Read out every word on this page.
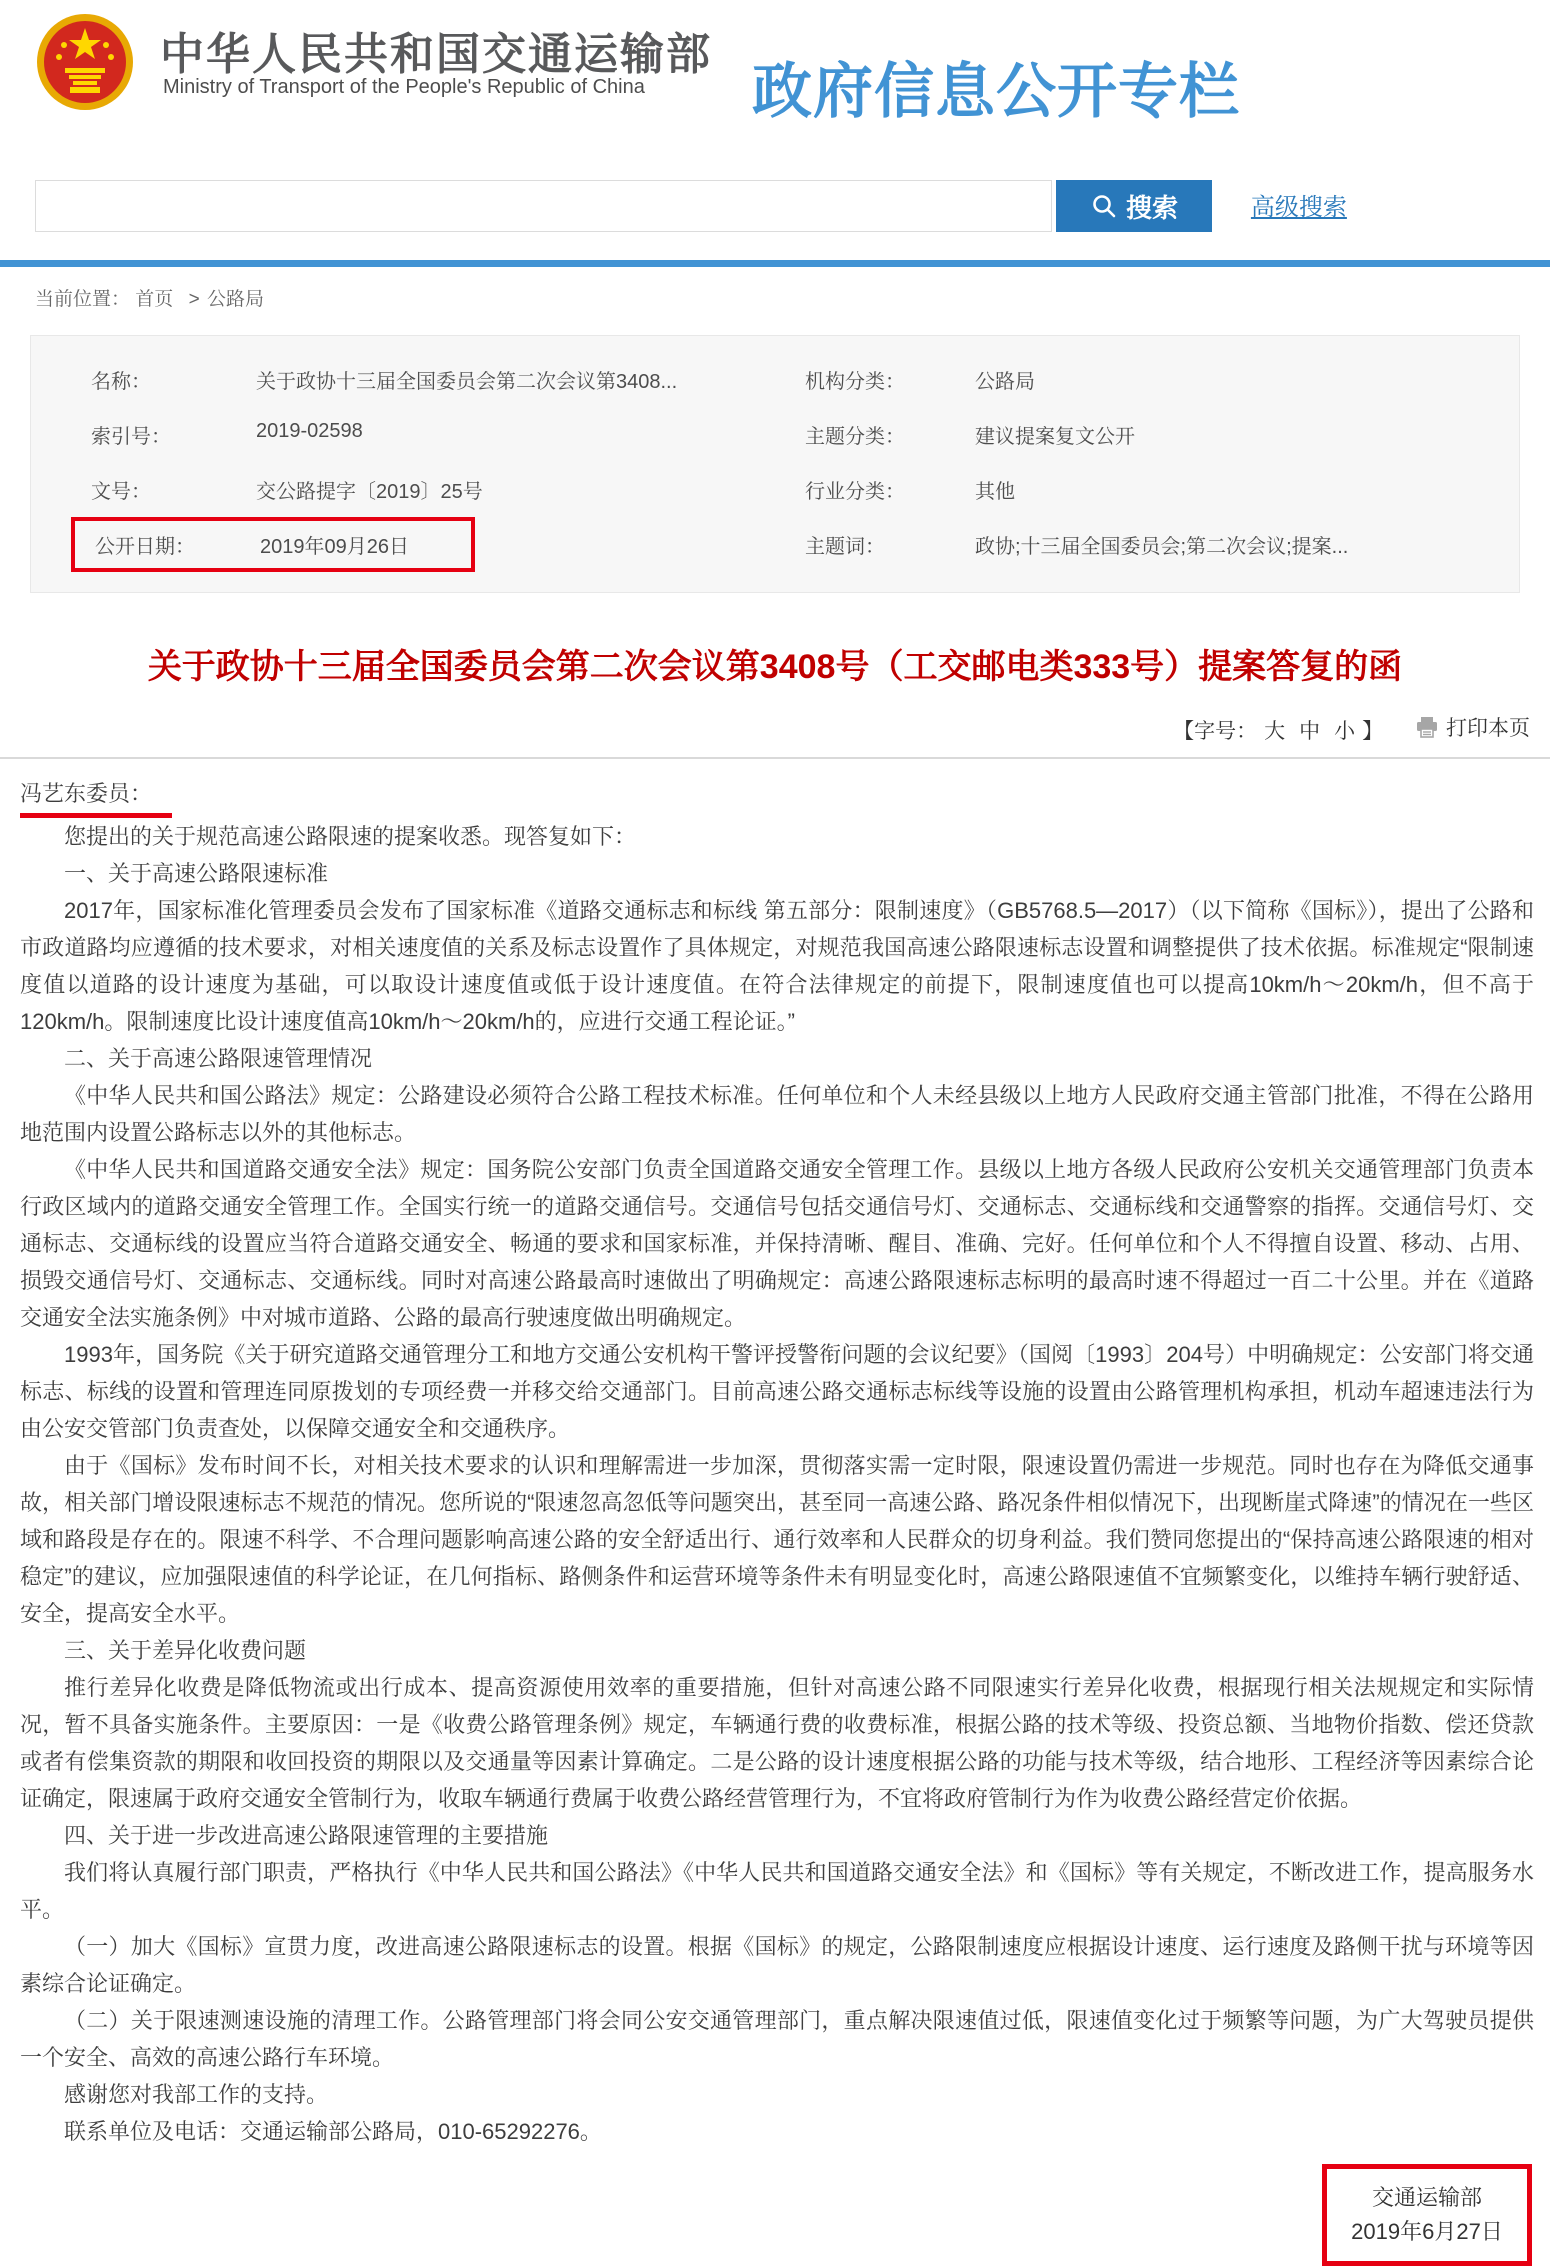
中华人民共和国交通运输部
Ministry of Transport of the People's Republic of China 政府信息公开专栏

搜索	高级搜索
当前位置： 首页 > 公路局
名称：	关于政协十三届全国委员会第二次会议第3408...
索引号：	2019-02598
文号：	交公路提字〔2019〕25号
公开日期：	2019年09月26日
机构分类：	公路局
主题分类：	建议提案复文公开
行业分类：	其他
主题词：	政协;十三届全国委员会;第二次会议;提案...
关于政协十三届全国委员会第二次会议第3408号（工交邮电类333号）提案答复的函
【字号： 大 中 小 】	打印本页
冯艺东委员：

您提出的关于规范高速公路限速的提案收悉。现答复如下：

一、关于高速公路限速标准

2017年，国家标准化管理委员会发布了国家标准《道路交通标志和标线 第五部分：限制速度》（GB5768.5—2017）（以下简称《国标》），提出了公路和市政道路均应遵循的技术要求，对相关速度值的关系及标志设置作了具体规定，对规范我国高速公路限速标志设置和调整提供了技术依据。标准规定“限制速度值以道路的设计速度为基础，可以取设计速度值或低于设计速度值。在符合法律规定的前提下，限制速度值也可以提高10km/h～20km/h，但不高于120km/h。限制速度比设计速度值高10km/h～20km/h的，应进行交通工程论证。”

二、关于高速公路限速管理情况

《中华人民共和国公路法》规定：公路建设必须符合公路工程技术标准。任何单位和个人未经县级以上地方人民政府交通主管部门批准，不得在公路用地范围内设置公路标志以外的其他标志。

《中华人民共和国道路交通安全法》规定：国务院公安部门负责全国道路交通安全管理工作。县级以上地方各级人民政府公安机关交通管理部门负责本行政区域内的道路交通安全管理工作。全国实行统一的道路交通信号。交通信号包括交通信号灯、交通标志、交通标线和交通警察的指挥。交通信号灯、交通标志、交通标线的设置应当符合道路交通安全、畅通的要求和国家标准，并保持清晰、醒目、准确、完好。任何单位和个人不得擅自设置、移动、占用、损毁交通信号灯、交通标志、交通标线。同时对高速公路最高时速做出了明确规定：高速公路限速标志标明的最高时速不得超过一百二十公里。并在《道路交通安全法实施条例》中对城市道路、公路的最高行驶速度做出明确规定。

1993年，国务院《关于研究道路交通管理分工和地方交通公安机构干警评授警衔问题的会议纪要》（国阅〔1993〕204号）中明确规定：公安部门将交通标志、标线的设置和管理连同原拨划的专项经费一并移交给交通部门。目前高速公路交通标志标线等设施的设置由公路管理机构承担，机动车超速违法行为由公安交管部门负责查处，以保障交通安全和交通秩序。

由于《国标》发布时间不长，对相关技术要求的认识和理解需进一步加深，贯彻落实需一定时限，限速设置仍需进一步规范。同时也存在为降低交通事故，相关部门增设限速标志不规范的情况。您所说的“限速忽高忽低等问题突出，甚至同一高速公路、路况条件相似情况下，出现断崖式降速”的情况在一些区域和路段是存在的。限速不科学、不合理问题影响高速公路的安全舒适出行、通行效率和人民群众的切身利益。我们赞同您提出的“保持高速公路限速的相对稳定”的建议，应加强限速值的科学论证，在几何指标、路侧条件和运营环境等条件未有明显变化时，高速公路限速值不宜频繁变化，以维持车辆行驶舒适、安全，提高安全水平。

三、关于差异化收费问题

推行差异化收费是降低物流或出行成本、提高资源使用效率的重要措施，但针对高速公路不同限速实行差异化收费，根据现行相关法规规定和实际情况，暂不具备实施条件。主要原因：一是《收费公路管理条例》规定，车辆通行费的收费标准，根据公路的技术等级、投资总额、当地物价指数、偿还贷款或者有偿集资款的期限和收回投资的期限以及交通量等因素计算确定。二是公路的设计速度根据公路的功能与技术等级，结合地形、工程经济等因素综合论证确定，限速属于政府交通安全管制行为，收取车辆通行费属于收费公路经营管理行为，不宜将政府管制行为作为收费公路经营定价依据。

四、关于进一步改进高速公路限速管理的主要措施

我们将认真履行部门职责，严格执行《中华人民共和国公路法》《中华人民共和国道路交通安全法》和《国标》等有关规定，不断改进工作，提高服务水平。

（一）加大《国标》宣贯力度，改进高速公路限速标志的设置。根据《国标》的规定，公路限制速度应根据设计速度、运行速度及路侧干扰与环境等因素综合论证确定。

（二）关于限速测速设施的清理工作。公路管理部门将会同公安交通管理部门，重点解决限速值过低，限速值变化过于频繁等问题，为广大驾驶员提供一个安全、高效的高速公路行车环境。

感谢您对我部工作的支持。

联系单位及电话：交通运输部公路局，010-65292276。

交通运输部
2019年6月27日
